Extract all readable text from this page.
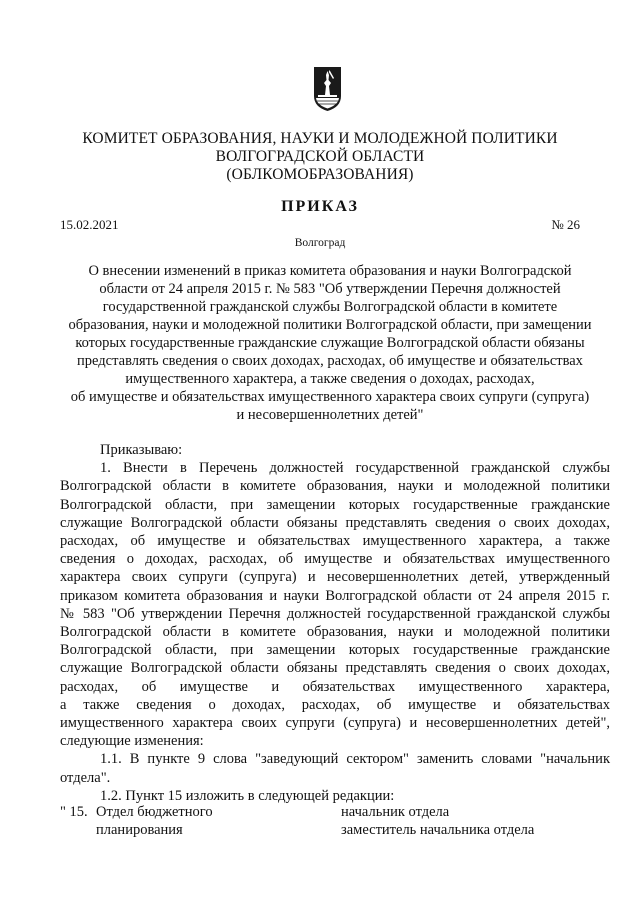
КОМИТЕТ ОБРАЗОВАНИЯ, НАУКИ И МОЛОДЕЖНОЙ ПОЛИТИКИ
ВОЛГОГРАДСКОЙ ОБЛАСТИ
(ОБЛКОМОБРАЗОВАНИЯ)
ПРИКАЗ
15.02.2021	№ 26
Волгоград
О внесении изменений в приказ комитета образования и науки Волгоградской
области от 24 апреля 2015 г. № 583 "Об утверждении Перечня должностей
государственной гражданской службы Волгоградской области в комитете
образования, науки и молодежной политики Волгоградской области, при замещении
которых государственные гражданские служащие Волгоградской области обязаны
представлять сведения о своих доходах, расходах, об имуществе и обязательствах
имущественного характера, а также сведения о доходах, расходах,
об имуществе и обязательствах имущественного характера своих супруги (супруга)
и несовершеннолетних детей"

Приказываю:

1. Внести в Перечень должностей государственной гражданской службы

Волгоградской области в комитете образования, науки и молодежной политики

Волгоградской области, при замещении которых государственные гражданские

служащие Волгоградской области обязаны представлять сведения о своих доходах,

расходах, об имуществе и обязательствах имущественного характера, а также

сведения о доходах, расходах, об имуществе и обязательствах имущественного

характера своих супруги (супруга) и несовершеннолетних детей, утвержденный

приказом комитета образования и науки Волгоградской области от 24 апреля 2015 г.

№ 583 "Об утверждении Перечня должностей государственной гражданской службы

Волгоградской области в комитете образования, науки и молодежной политики

Волгоградской области, при замещении которых государственные гражданские

служащие Волгоградской области обязаны представлять сведения о своих доходах,

расходах, об имуществе и обязательствах имущественного характера,

а также сведения о доходах, расходах, об имуществе и обязательствах

имущественного характера своих супруги (супруга) и несовершеннолетних детей",

следующие изменения:

1.1. В пункте 9 слова "заведующий сектором" заменить словами "начальник

отдела".

1.2. Пункт 15 изложить в следующей редакции:

" 15. Отдел бюджетного
планирования
начальник отдела
заместитель начальника отдела
